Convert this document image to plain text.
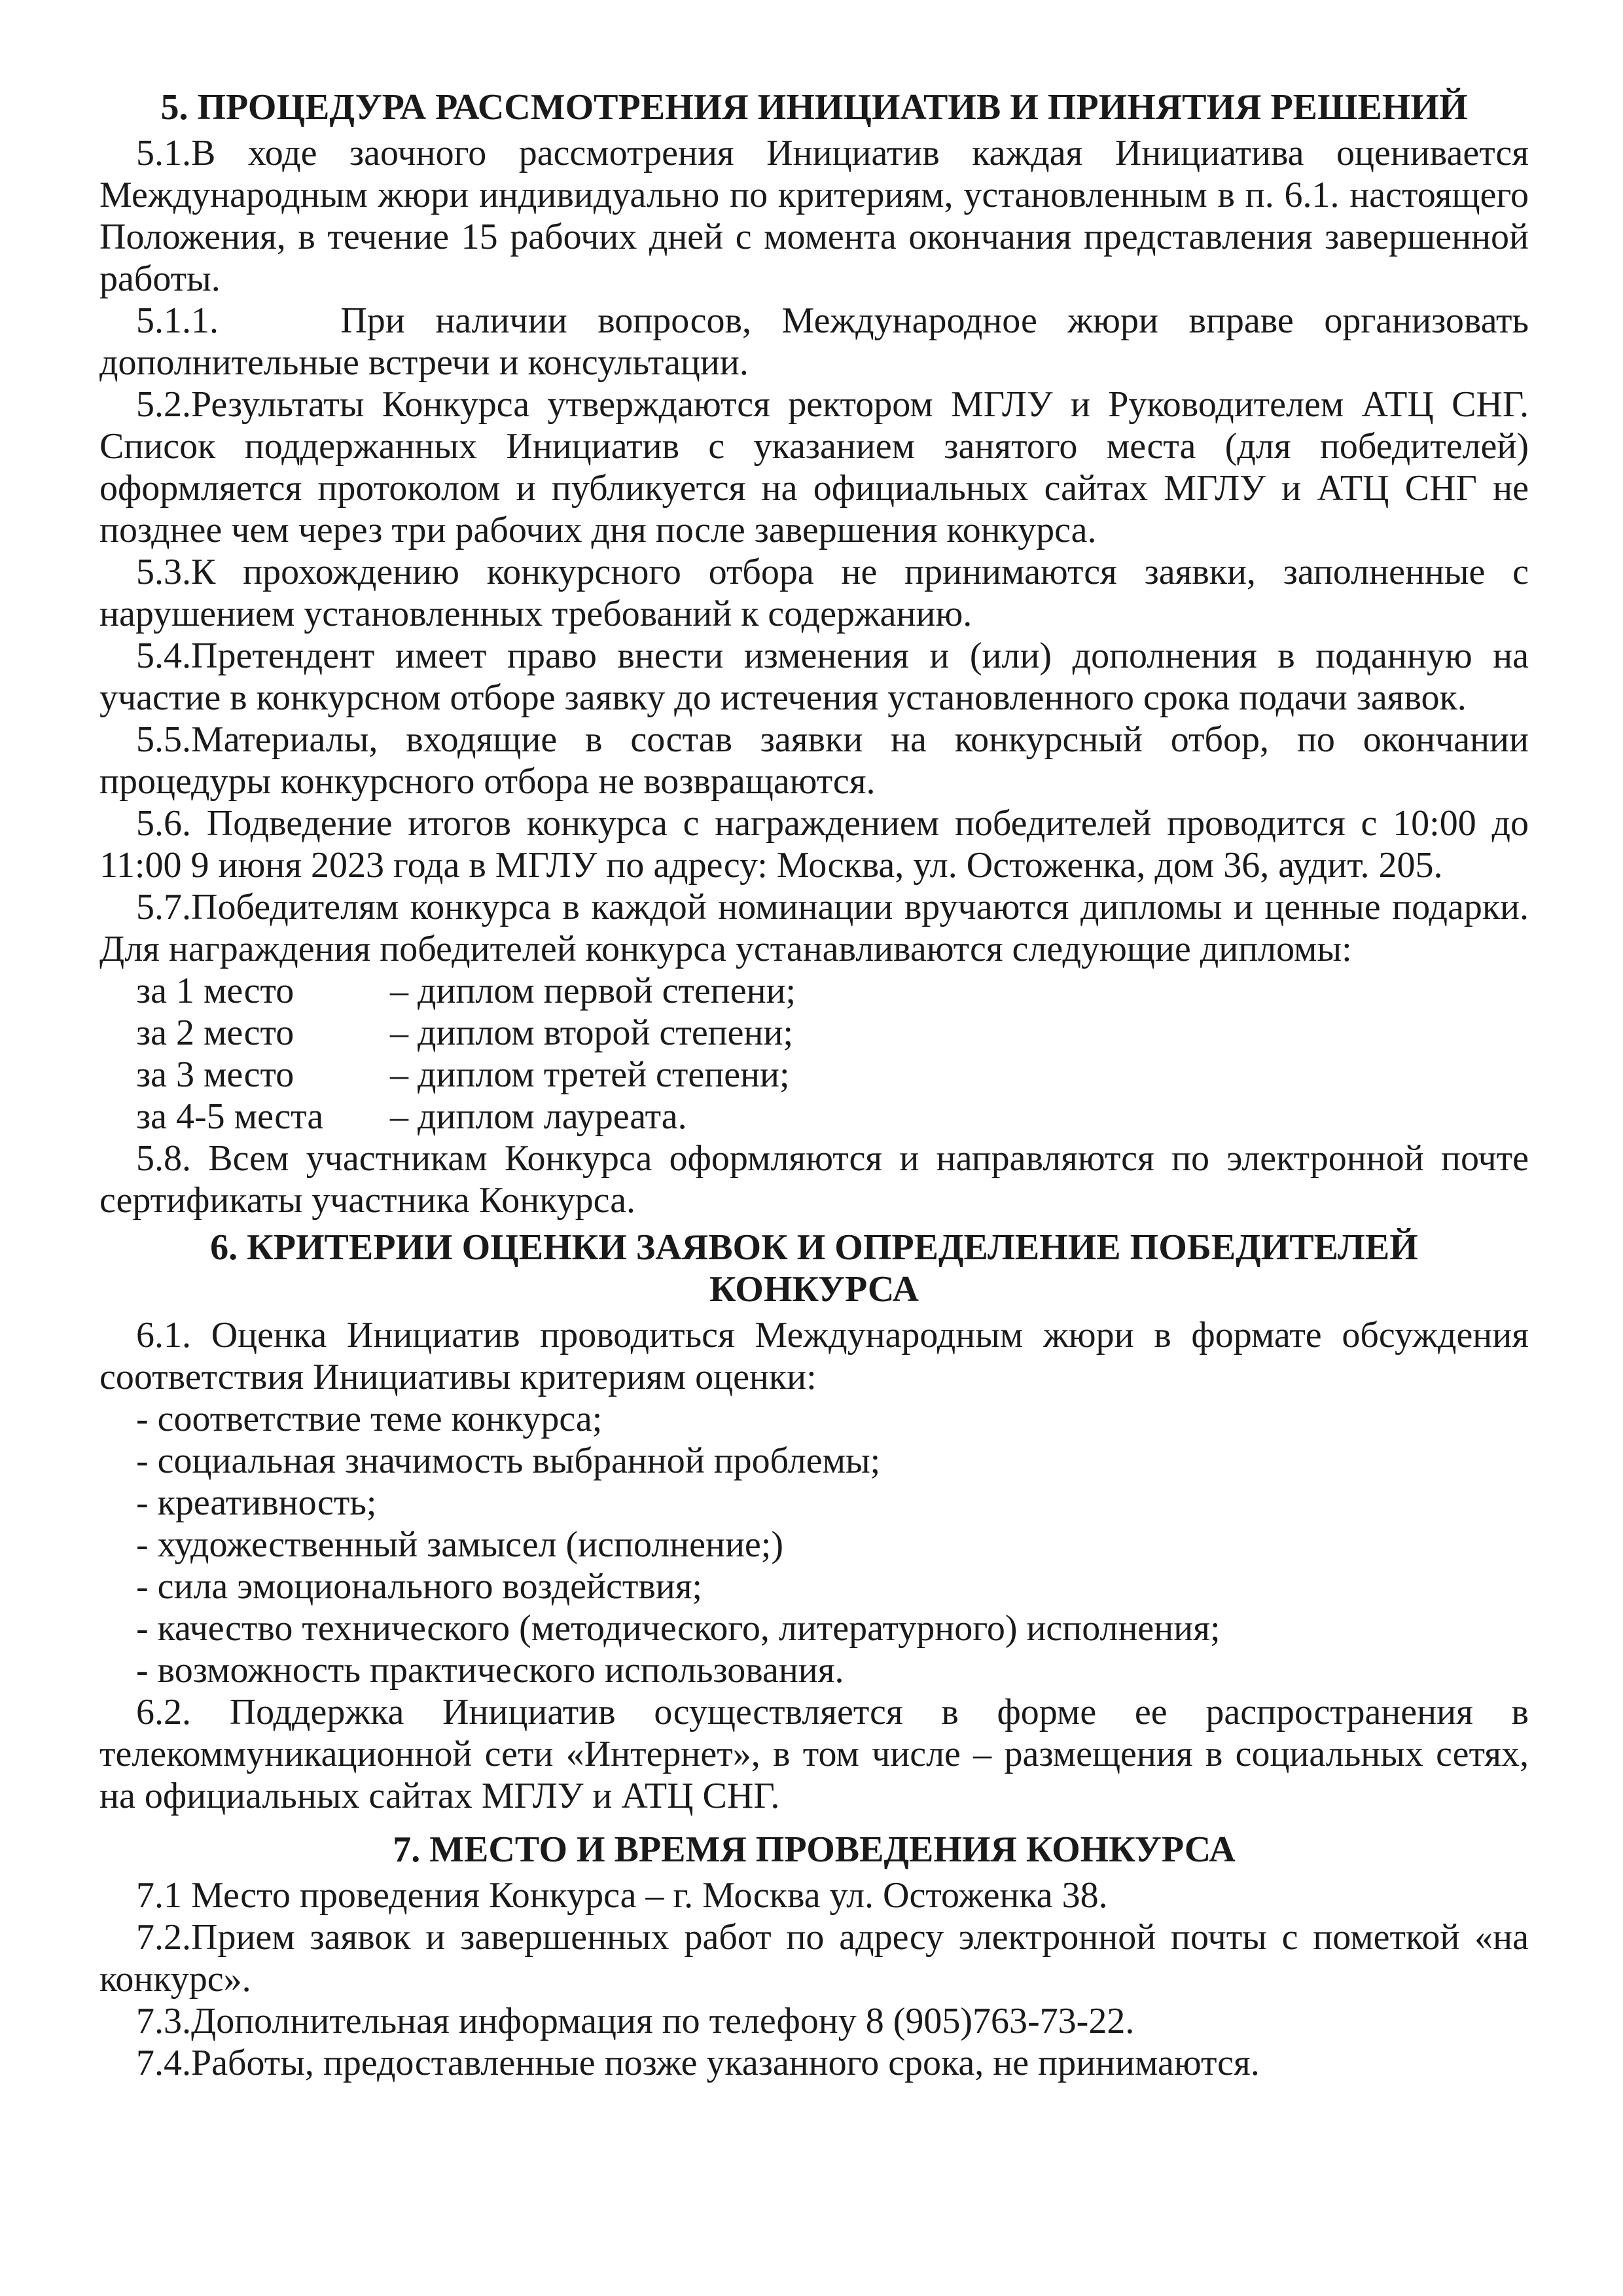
5. ПРОЦЕДУРА РАССМОТРЕНИЯ ИНИЦИАТИВ И ПРИНЯТИЯ РЕШЕНИЙ

5.1.В ходе заочного рассмотрения Инициатив каждая Инициатива оценивается Международным жюри индивидуально по критериям, установленным в п. 6.1. настоящего Положения, в течение 15 рабочих дней с момента окончания представления завершенной работы.

5.1.1.    При наличии вопросов, Международное жюри вправе организовать дополнительные встречи и консультации.

5.2.Результаты Конкурса утверждаются ректором МГЛУ и Руководителем АТЦ СНГ. Список поддержанных Инициатив с указанием занятого места (для победителей) оформляется протоколом и публикуется на официальных сайтах МГЛУ и АТЦ СНГ не позднее чем через три рабочих дня после завершения конкурса.

5.3.К прохождению конкурсного отбора не принимаются заявки, заполненные с нарушением установленных требований к содержанию.

5.4.Претендент имеет право внести изменения и (или) дополнения в поданную на участие в конкурсном отборе заявку до истечения установленного срока подачи заявок.

5.5.Материалы, входящие в состав заявки на конкурсный отбор, по окончании процедуры конкурсного отбора не возвращаются.

5.6. Подведение итогов конкурса с награждением победителей проводится с 10:00 до 11:00 9 июня 2023 года в МГЛУ по адресу: Москва, ул. Остоженка, дом 36, аудит. 205.

5.7.Победителям конкурса в каждой номинации вручаются дипломы и ценные подарки. Для награждения победителей конкурса устанавливаются следующие дипломы:

за 1 место	– диплом первой степени;
за 2 место	– диплом второй степени;
за 3 место	– диплом третей степени;
за 4-5 места	– диплом лауреата.

5.8. Всем участникам Конкурса оформляются и направляются по электронной почте сертификаты участника Конкурса.

6. КРИТЕРИИ ОЦЕНКИ ЗАЯВОК И ОПРЕДЕЛЕНИЕ ПОБЕДИТЕЛЕЙ
КОНКУРСА

6.1. Оценка Инициатив проводиться Международным жюри в формате обсуждения соответствия Инициативы критериям оценки:

- соответствие теме конкурса;
- социальная значимость выбранной проблемы;
- креативность;
- художественный замысел (исполнение;)
- сила эмоционального воздействия;
- качество технического (методического, литературного) исполнения;
- возможность практического использования.

6.2. Поддержка Инициатив осуществляется в форме ее распространения в телекоммуникационной сети «Интернет», в том числе – размещения в социальных сетях, на официальных сайтах МГЛУ и АТЦ СНГ.

7. МЕСТО И ВРЕМЯ ПРОВЕДЕНИЯ КОНКУРСА

7.1 Место проведения Конкурса – г. Москва ул. Остоженка 38.

7.2.Прием заявок и завершенных работ по адресу электронной почты с пометкой «на конкурс».

7.3.Дополнительная информация по телефону 8 (905)763-73-22.

7.4.Работы, предоставленные позже указанного срока, не принимаются.
